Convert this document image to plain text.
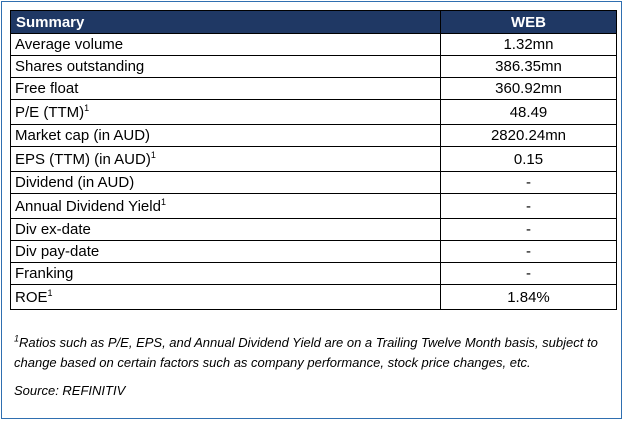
Summary	WEB
Average volume	1.32mn
Shares outstanding	386.35mn
Free float	360.92mn
P/E (TTM)$^1$	48.49
Market cap (in AUD)	2820.24mn
EPS (TTM) (in AUD)$^1$	0.15
Dividend (in AUD)	-
Annual Dividend Yield$^1$	-
Div ex-date	-
Div pay-date	-
Franking	-
ROE$^1$	1.84%

$^1$Ratios such as P/E, EPS, and Annual Dividend Yield are on a Trailing Twelve Month basis, subject to change based on certain factors such as company performance, stock price changes, etc.

Source: REFINITIV
